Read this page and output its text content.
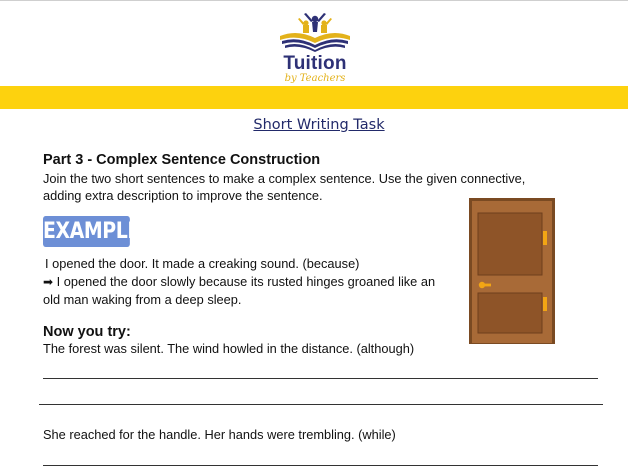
Tuition
by Teachers
Short Writing Task
Part 3 - Complex Sentence Construction
Join the two short sentences to make a complex sentence. Use the given connective, adding extra description to improve the sentence.
EXAMPLE
I opened the door. It made a creaking sound. (because)
➡ I opened the door slowly because its rusted hinges groaned like an old man waking from a deep sleep.
Now you try:
The forest was silent. The wind howled in the distance. (although)
She reached for the handle. Her hands were trembling. (while)
